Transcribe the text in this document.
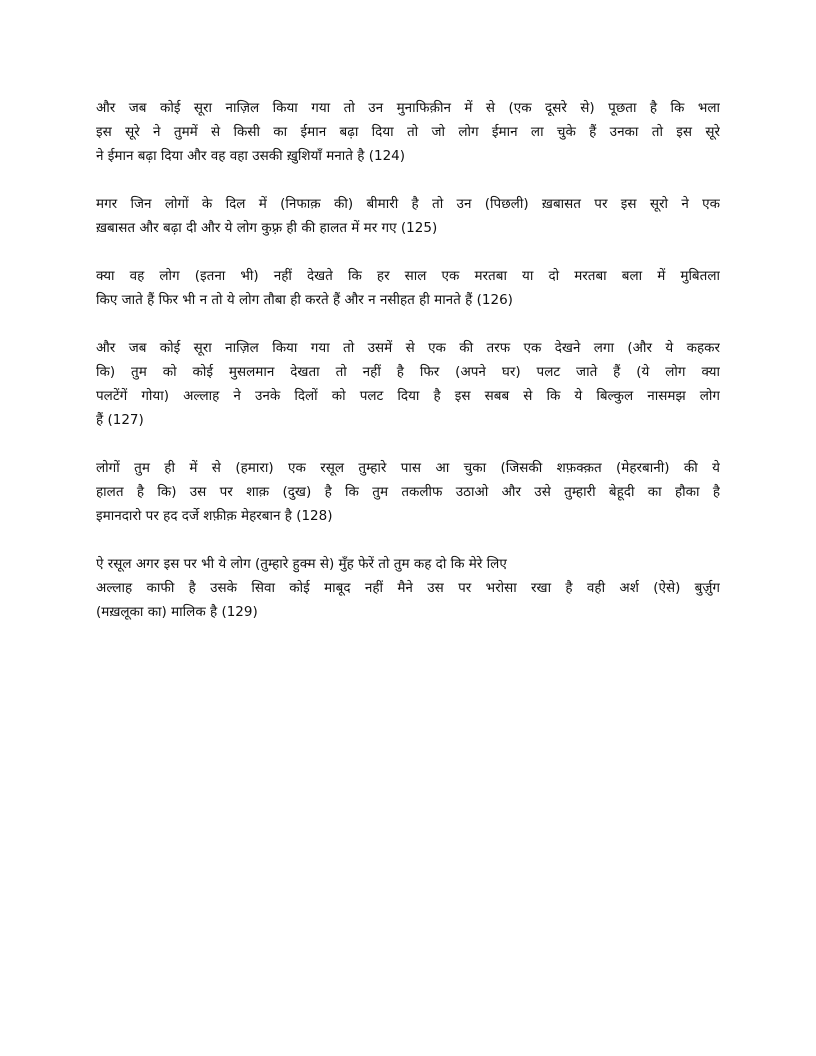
और जब कोई सूरा नाज़िल किया गया तो उन मुनाफिक़ीन में से (एक दूसरे से) पूछता है कि भला
इस सूरे ने तुममें से किसी का ईमान बढ़ा दिया तो जो लोग ईमान ला चुके हैं उनका तो इस सूरे
ने ईमान बढ़ा दिया और वह वहा उसकी ख़ुशियाँ मनाते है (124)
मगर जिन लोगों के दिल में (निफाक़ की) बीमारी है तो उन (पिछली) ख़बासत पर इस सूरो ने एक
ख़बासत और बढ़ा दी और ये लोग कुफ़्र ही की हालत में मर गए (125)
क्या वह लोग (इतना भी) नहीं देखते कि हर साल एक मरतबा या दो मरतबा बला में मुबितला
किए जाते हैं फिर भी न तो ये लोग तौबा ही करते हैं और न नसीहत ही मानते हैं (126)
और जब कोई सूरा नाज़िल किया गया तो उसमें से एक की तरफ एक देखने लगा (और ये कहकर
कि) तुम को कोई मुसलमान देखता तो नहीं है फिर (अपने घर) पलट जाते हैं (ये लोग क्या
पलटेंगें गोया) अल्लाह ने उनके दिलों को पलट दिया है इस सबब से कि ये बिल्कुल नासमझ लोग
हैं (127)
लोगों तुम ही में से (हमारा) एक रसूल तुम्हारे पास आ चुका (जिसकी शफ़क्क़त (मेहरबानी) की ये
हालत है कि) उस पर शाक़ (दुख) है कि तुम तकलीफ उठाओ और उसे तुम्हारी बेहूदी का हौका है
इमानदारो पर हद दर्जे शफ़ीक़ मेहरबान है (128)
ऐ रसूल अगर इस पर भी ये लोग (तुम्हारे हुक्म से) मुँह फेरें तो तुम कह दो कि मेरे लिए
अल्लाह काफी है उसके सिवा कोई माबूद नहीं मैने उस पर भरोसा रखा है वही अर्श (ऐसे) बुर्ज़ुग
(मख़लूका का) मालिक है (129)
